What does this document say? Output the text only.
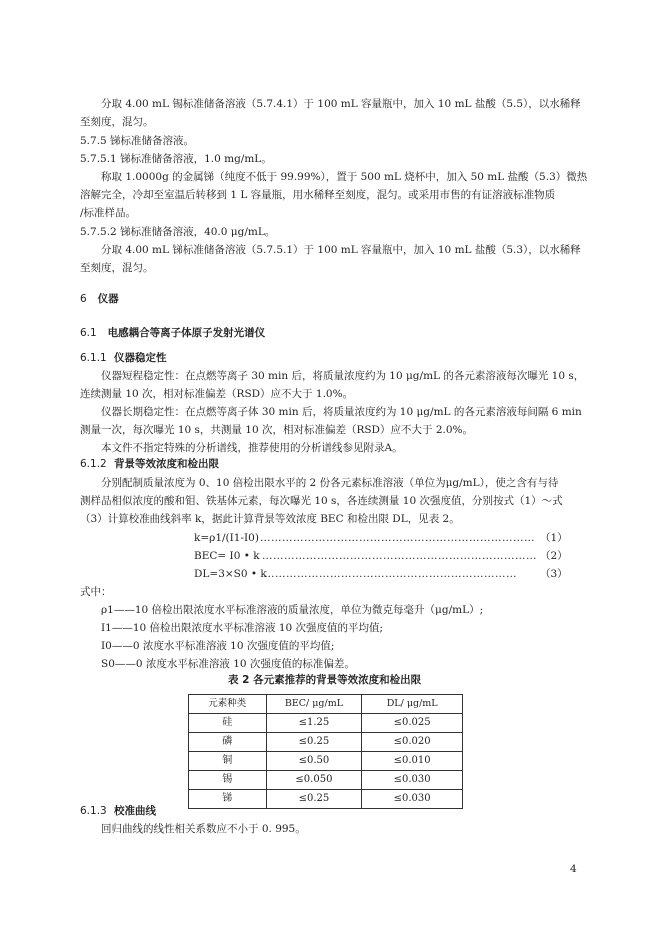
分取 4.00 mL 锡标准储备溶液（5.7.4.1）于 100 mL 容量瓶中，加入 10 mL 盐酸（5.5），以水稀释
至刻度，混匀。
5.7.5 锑标准储备溶液。
5.7.5.1 锑标准储备溶液，1.0 mg/mL。
称取 1.0000g 的金属锑（纯度不低于 99.99%），置于 500 mL 烧杯中，加入 50 mL 盐酸（5.3）微热
溶解完全，冷却至室温后转移到 1 L 容量瓶，用水稀释至刻度，混匀。或采用市售的有证溶液标准物质
/标准样品。
5.7.5.2 锑标准储备溶液，40.0 μg/mL。
分取 4.00 mL 锑标准储备溶液（5.7.5.1）于 100 mL 容量瓶中，加入 10 mL 盐酸（5.3），以水稀释
至刻度，混匀。
6 仪器
6.1 电感耦合等离子体原子发射光谱仪
6.1.1 仪器稳定性
仪器短程稳定性：在点燃等离子 30 min 后，将质量浓度约为 10 μg/mL 的各元素溶液每次曝光 10 s，
连续测量 10 次，相对标准偏差（RSD）应不大于 1.0%。
仪器长期稳定性：在点燃等离子体 30 min 后，将质量浓度约为 10 μg/mL 的各元素溶液每间隔 6 min
测量一次，每次曝光 10 s，共测量 10 次，相对标准偏差（RSD）应不大于 2.0%。
本文件不指定特殊的分析谱线，推荐使用的分析谱线参见附录A。
6.1.2 背景等效浓度和检出限
分别配制质量浓度为 0、10 倍检出限水平的 2 份各元素标准溶液（单位为μg/mL），使之含有与待
测样品相似浓度的酸和钼、铁基体元素，每次曝光 10 s，各连续测量 10 次强度值，分别按式（1）～式
（3）计算校准曲线斜率 k，据此计算背景等效浓度 BEC 和检出限 DL，见表 2。
k=ρ1/(I1-I0) ………………………………………………………………… （1）
BEC= I0 • k ………………………………………………………………… （2）
DL=3×S0 • k
…………………………………………………………… （3）
式中：
ρ1——10 倍检出限浓度水平标准溶液的质量浓度，单位为微克每毫升（μg/mL）;
I1——10 倍检出限浓度水平标准溶液 10 次强度值的平均值;
I0——0 浓度水平标准溶液 10 次强度值的平均值;
S0——0 浓度水平标准溶液 10 次强度值的标准偏差。
表 2 各元素推荐的背景等效浓度和检出限
元素种类	BEC/ μg/mL	DL/ μg/mL
硅	≤1.25	≤0.025
磷	≤0.25	≤0.020
铜	≤0.50	≤0.010
锡	≤0.050	≤0.030
锑	≤0.25	≤0.030
6.1.3 校准曲线
回归曲线的线性相关系数应不小于 0. 995。
4
